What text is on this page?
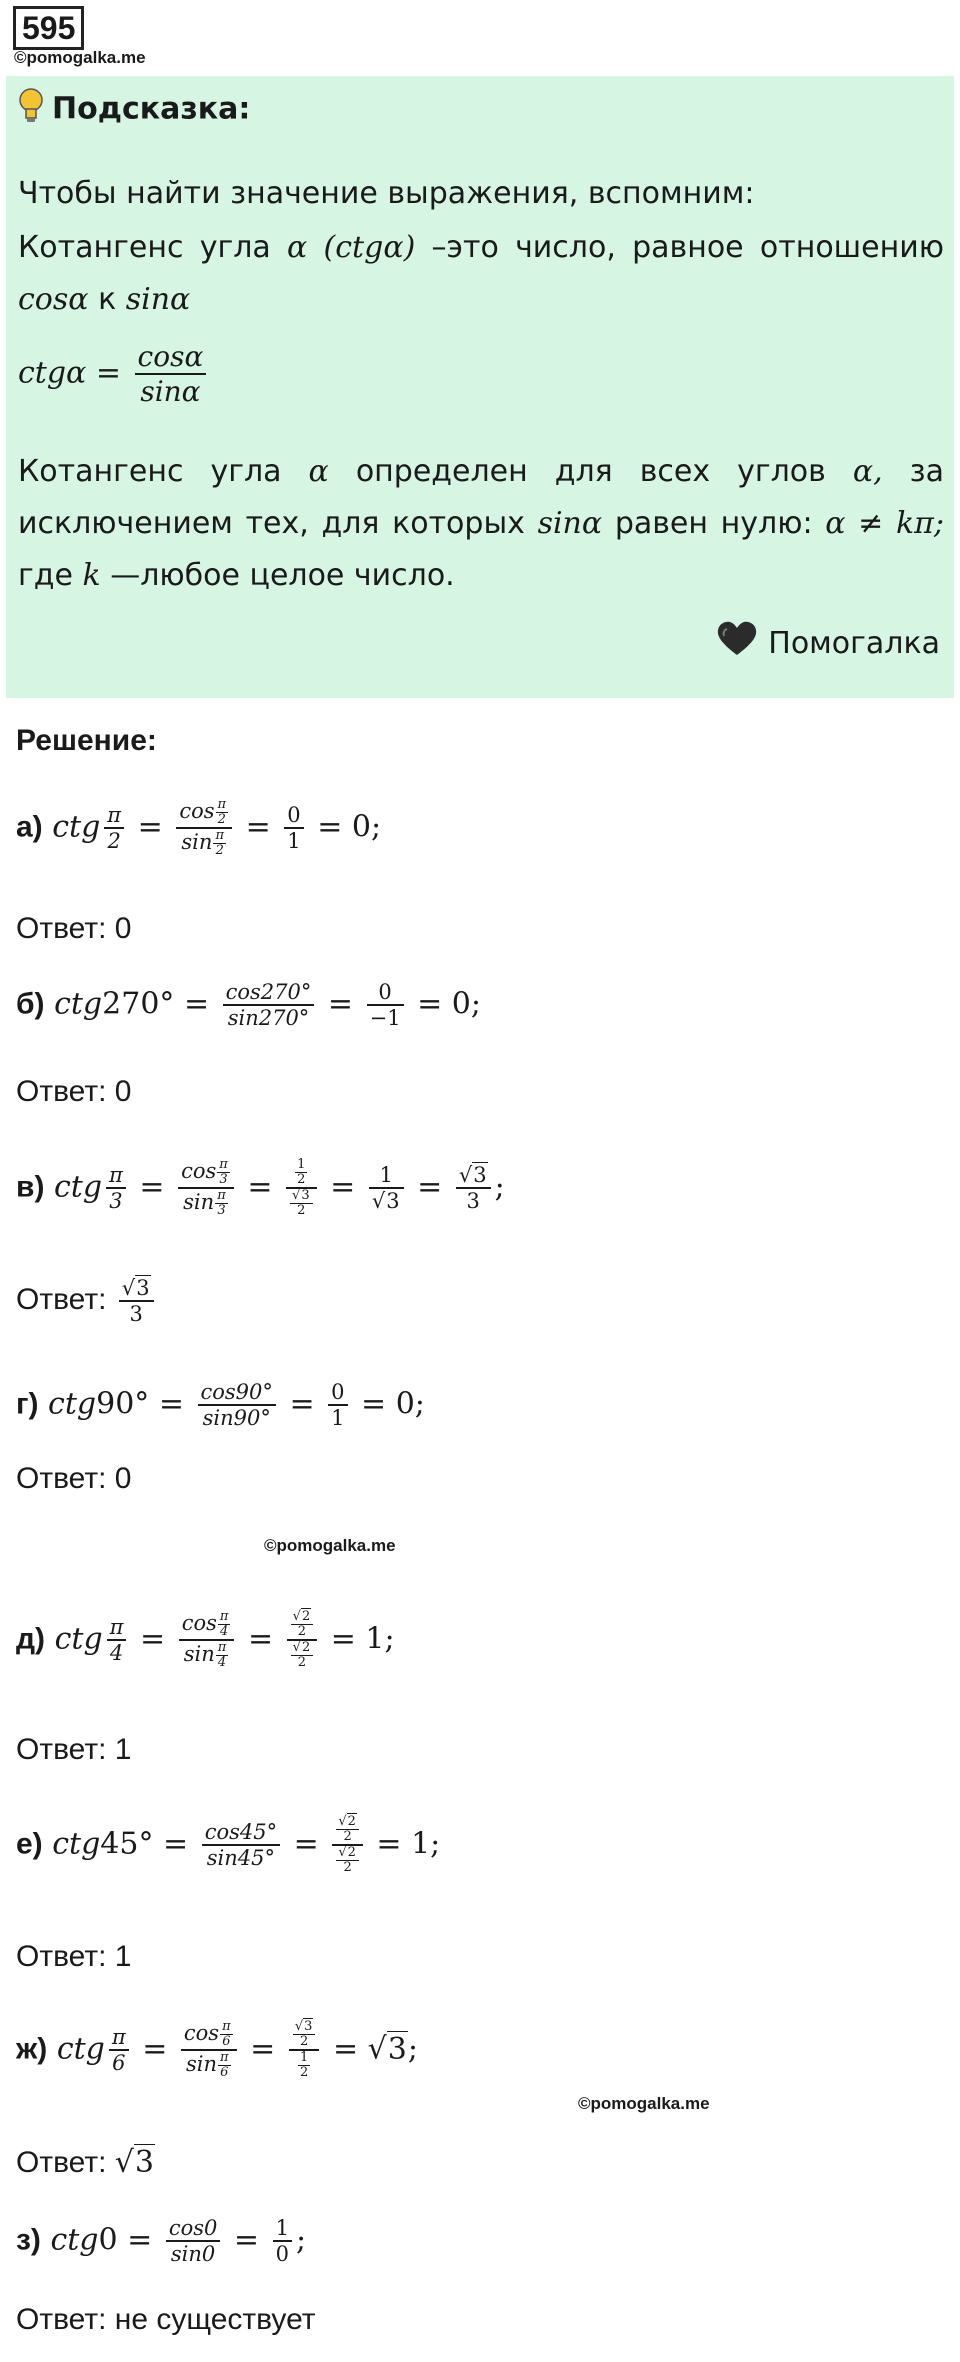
595
©pomogalka.me
Подсказка:
Чтобы найти значение выражения, вспомним:
Котангенс угла α (ctgα) –это число, равное отношению cosα к sinα
$ctg\alpha = \frac{\cos\alpha}{\sin\alpha}$
Котангенс угла α определен для всех углов α, за исключением тех, для которых sinα равен нулю: α ≠ kπ; где k —любое целое число.
Помогалка
Решение:
а) ctg $\frac{\pi}{2} = \frac{\cos \frac{\pi}{2}}{\sin \frac{\pi}{2}} = \frac{0}{1} = 0$;
Ответ: 0
б) $ctg270^\circ = \frac{\cos 270^\circ}{\sin 270^\circ} = \frac{0}{-1} = 0$;
Ответ: 0
в) ctg $\frac{\pi}{3} = \frac{\cos \frac{\pi}{3}}{\sin \frac{\pi}{3}} = \frac{\frac{1}{2}}{\frac{√3}{2}} = \frac{1}{√3} = \frac{√3}{3}$ ;
Ответ: $\frac{√3}{3}$
г) $ctg90^\circ = \frac{\cos 90^\circ}{\sin 90^\circ} = \frac{0}{1} = 0$;
Ответ: 0
©pomogalka.me
д) ctg $\frac{\pi}{4} = \frac{\cos \frac{\pi}{4}}{\sin \frac{\pi}{4}} = \frac{\frac{√2}{2}}{\frac{√2}{2}} = 1$;
Ответ: 1
е) $ctg45^\circ = \frac{\cos 45^\circ}{\sin 45^\circ} = \frac{\frac{√2}{2}}{\frac{√2}{2}} = 1$;
Ответ: 1
ж) ctg $\frac{\pi}{6} = \frac{\cos \frac{\pi}{6}}{\sin \frac{\pi}{6}} = \frac{\frac{√3}{2}}{\frac{1}{2}} = √3$;
©pomogalka.me
Ответ: √3
з) $ctg0 = \frac{\cos 0}{\sin 0} = \frac{1}{0}$ ;
Ответ: не существует
